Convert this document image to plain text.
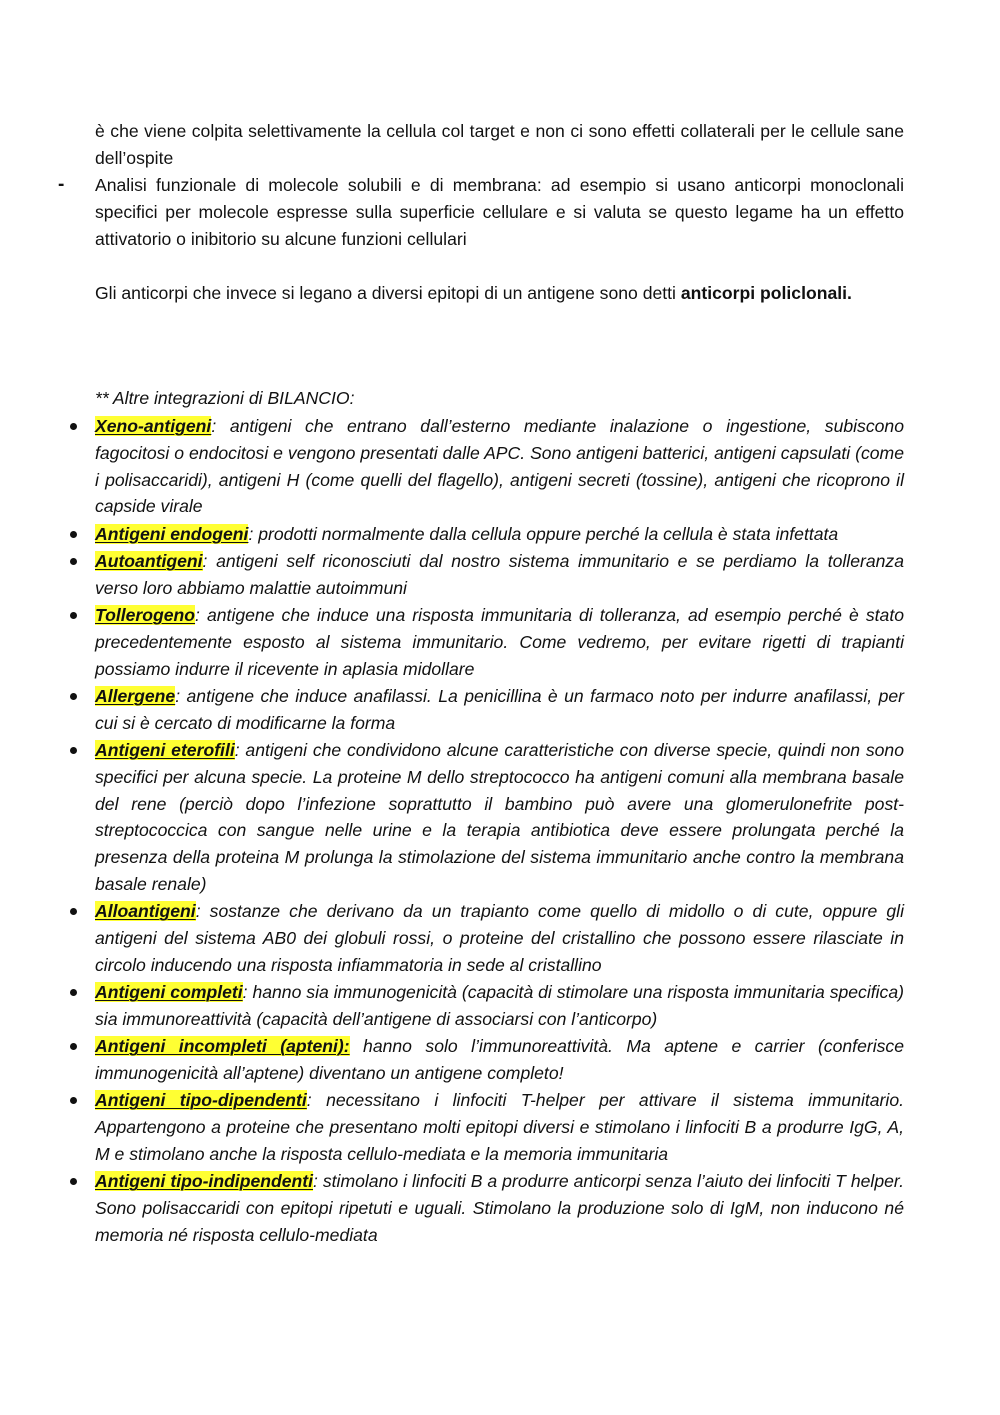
è che viene colpita selettivamente la cellula col target e non ci sono effetti collaterali per le cellule sane dell’ospite
- Analisi funzionale di molecole solubili e di membrana: ad esempio si usano anticorpi monoclonali specifici per molecole espresse sulla superficie cellulare e si valuta se questo legame ha un effetto attivatorio o inibitorio su alcune funzioni cellulari
Gli anticorpi che invece si legano a diversi epitopi di un antigene sono detti anticorpi policlonali.
** Altre integrazioni di BILANCIO:
Xeno-antigeni: antigeni che entrano dall’esterno mediante inalazione o ingestione, subiscono fagocitosi o endocitosi e vengono presentati dalle APC. Sono antigeni batterici, antigeni capsulati (come i polisaccaridi), antigeni H (come quelli del flagello), antigeni secreti (tossine), antigeni che ricoprono il capside virale
Antigeni endogeni: prodotti normalmente dalla cellula oppure perché la cellula è stata infettata
Autoantigeni: antigeni self riconosciuti dal nostro sistema immunitario e se perdiamo la tolleranza verso loro abbiamo malattie autoimmuni
Tollerogeno: antigene che induce una risposta immunitaria di tolleranza, ad esempio perché è stato precedentemente esposto al sistema immunitario. Come vedremo, per evitare rigetti di trapianti possiamo indurre il ricevente in aplasia midollare
Allergene: antigene che induce anafilassi. La penicillina è un farmaco noto per indurre anafilassi, per cui si è cercato di modificarne la forma
Antigeni eterofili: antigeni che condividono alcune caratteristiche con diverse specie, quindi non sono specifici per alcuna specie. La proteine M dello streptococco ha antigeni comuni alla membrana basale del rene (perciò dopo l’infezione soprattutto il bambino può avere una glomerulonefrite post-streptococcica con sangue nelle urine e la terapia antibiotica deve essere prolungata perché la presenza della proteina M prolunga la stimolazione del sistema immunitario anche contro la membrana basale renale)
Alloantigeni: sostanze che derivano da un trapianto come quello di midollo o di cute, oppure gli antigeni del sistema AB0 dei globuli rossi, o proteine del cristallino che possono essere rilasciate in circolo inducendo una risposta infiammatoria in sede al cristallino
Antigeni completi: hanno sia immunogenicità (capacità di stimolare una risposta immunitaria specifica) sia immunoreattività (capacità dell’antigene di associarsi con l’anticorpo)
Antigeni incompleti (apteni): hanno solo l’immunoreattività. Ma aptene e carrier (conferisce immunogenicità all’aptene) diventano un antigene completo!
Antigeni tipo-dipendenti: necessitano i linfociti T-helper per attivare il sistema immunitario. Appartengono a proteine che presentano molti epitopi diversi e stimolano i linfociti B a produrre IgG, A, M e stimolano anche la risposta cellulo-mediata e la memoria immunitaria
Antigeni tipo-indipendenti: stimolano i linfociti B a produrre anticorpi senza l’aiuto dei linfociti T helper. Sono polisaccaridi con epitopi ripetuti e uguali. Stimolano la produzione solo di IgM, non inducono né memoria né risposta cellulo-mediata
